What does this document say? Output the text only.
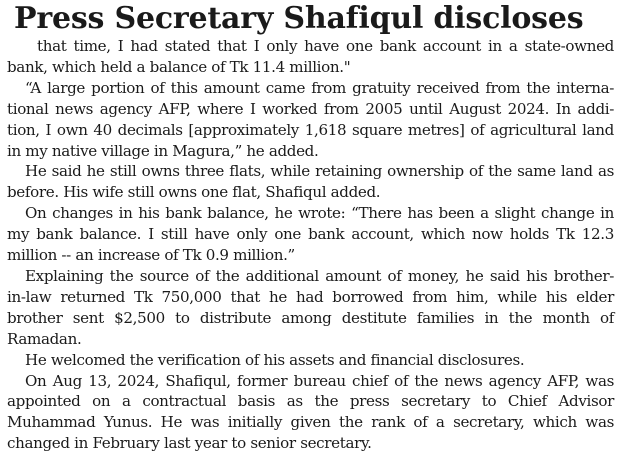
Press Secretary Shafiqul discloses
that time, I had stated that I only have one bank account in a state-owned
bank, which held a balance of Tk 11.4 million."
“A large portion of this amount came from gratuity received from the interna-
tional news agency AFP, where I worked from 2005 until August 2024. In addi-
tion, I own 40 decimals [approximately 1,618 square metres] of agricultural land
in my native village in Magura,” he added.
He said he still owns three flats, while retaining ownership of the same land as
before. His wife still owns one flat, Shafiqul added.
On changes in his bank balance, he wrote: “There has been a slight change in
my bank balance. I still have only one bank account, which now holds Tk 12.3
million -- an increase of Tk 0.9 million.”
Explaining the source of the additional amount of money, he said his brother-
in-law returned Tk 750,000 that he had borrowed from him, while his elder
brother sent $2,500 to distribute among destitute families in the month of
Ramadan.
He welcomed the verification of his assets and financial disclosures.
On Aug 13, 2024, Shafiqul, former bureau chief of the news agency AFP, was
appointed on a contractual basis as the press secretary to Chief Advisor
Muhammad Yunus. He was initially given the rank of a secretary, which was
changed in February last year to senior secretary.
